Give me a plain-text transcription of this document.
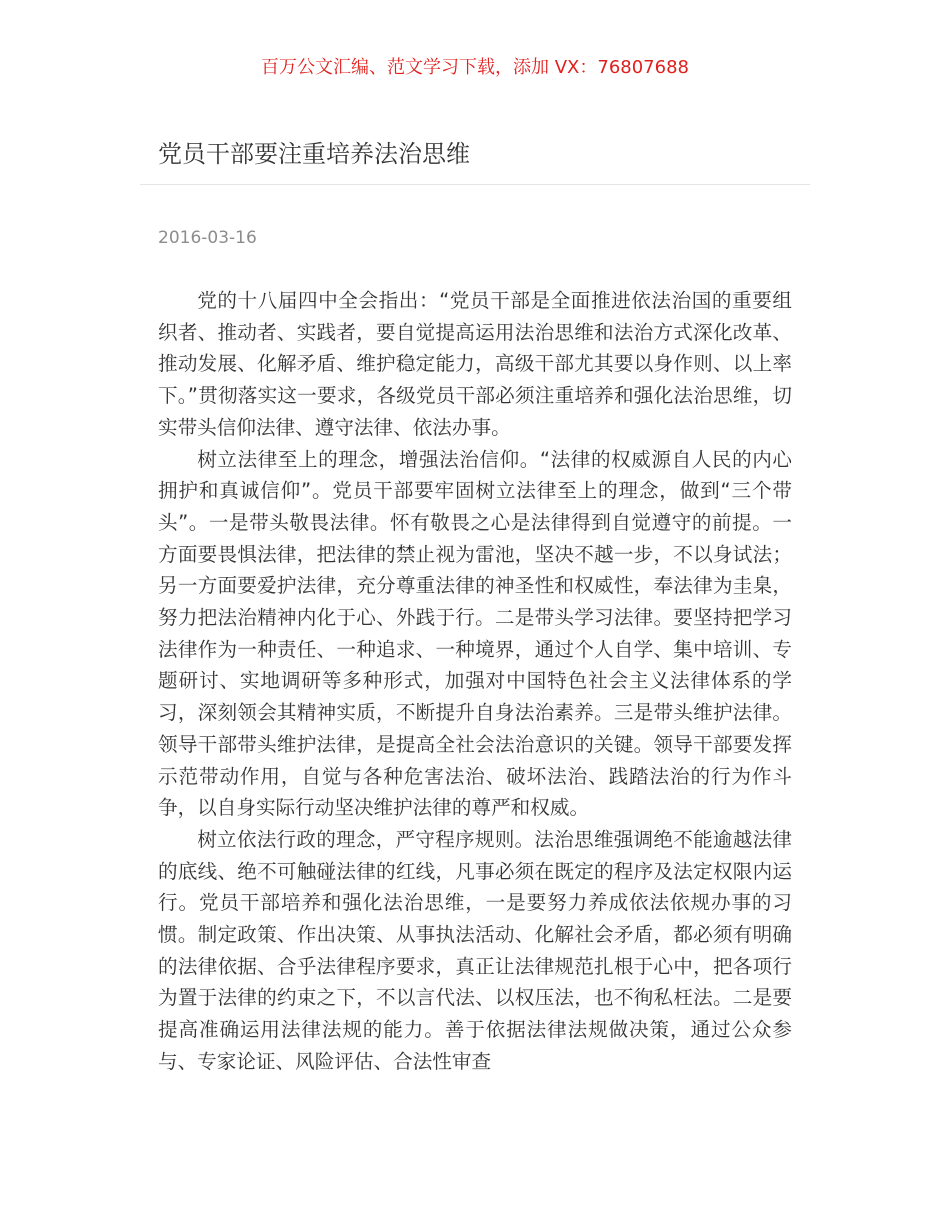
百万公文汇编、范文学习下载，添加 VX：76807688
党员干部要注重培养法治思维
2016-03-16

党的十八届四中全会指出：“党员干部是全面推进依法治国的重要组织者、推动者、实践者，要自觉提高运用法治思维和法治方式深化改革、推动发展、化解矛盾、维护稳定能力，高级干部尤其要以身作则、以上率下。”贯彻落实这一要求，各级党员干部必须注重培养和强化法治思维，切实带头信仰法律、遵守法律、依法办事。

树立法律至上的理念，增强法治信仰。“法律的权威源自人民的内心拥护和真诚信仰”。党员干部要牢固树立法律至上的理念，做到“三个带头”。一是带头敬畏法律。怀有敬畏之心是法律得到自觉遵守的前提。一方面要畏惧法律，把法律的禁止视为雷池，坚决不越一步，不以身试法；另一方面要爱护法律，充分尊重法律的神圣性和权威性，奉法律为圭臬，努力把法治精神内化于心、外践于行。二是带头学习法律。要坚持把学习法律作为一种责任、一种追求、一种境界，通过个人自学、集中培训、专题研讨、实地调研等多种形式，加强对中国特色社会主义法律体系的学习，深刻领会其精神实质，不断提升自身法治素养。三是带头维护法律。领导干部带头维护法律，是提高全社会法治意识的关键。领导干部要发挥示范带动作用，自觉与各种危害法治、破坏法治、践踏法治的行为作斗争，以自身实际行动坚决维护法律的尊严和权威。

树立依法行政的理念，严守程序规则。法治思维强调绝不能逾越法律的底线、绝不可触碰法律的红线，凡事必须在既定的程序及法定权限内运行。党员干部培养和强化法治思维，一是要努力养成依法依规办事的习惯。制定政策、作出决策、从事执法活动、化解社会矛盾，都必须有明确的法律依据、合乎法律程序要求，真正让法律规范扎根于心中，把各项行为置于法律的约束之下，不以言代法、以权压法，也不徇私枉法。二是要提高准确运用法律法规的能力。善于依据法律法规做决策，通过公众参与、专家论证、风险评估、合法性审查
